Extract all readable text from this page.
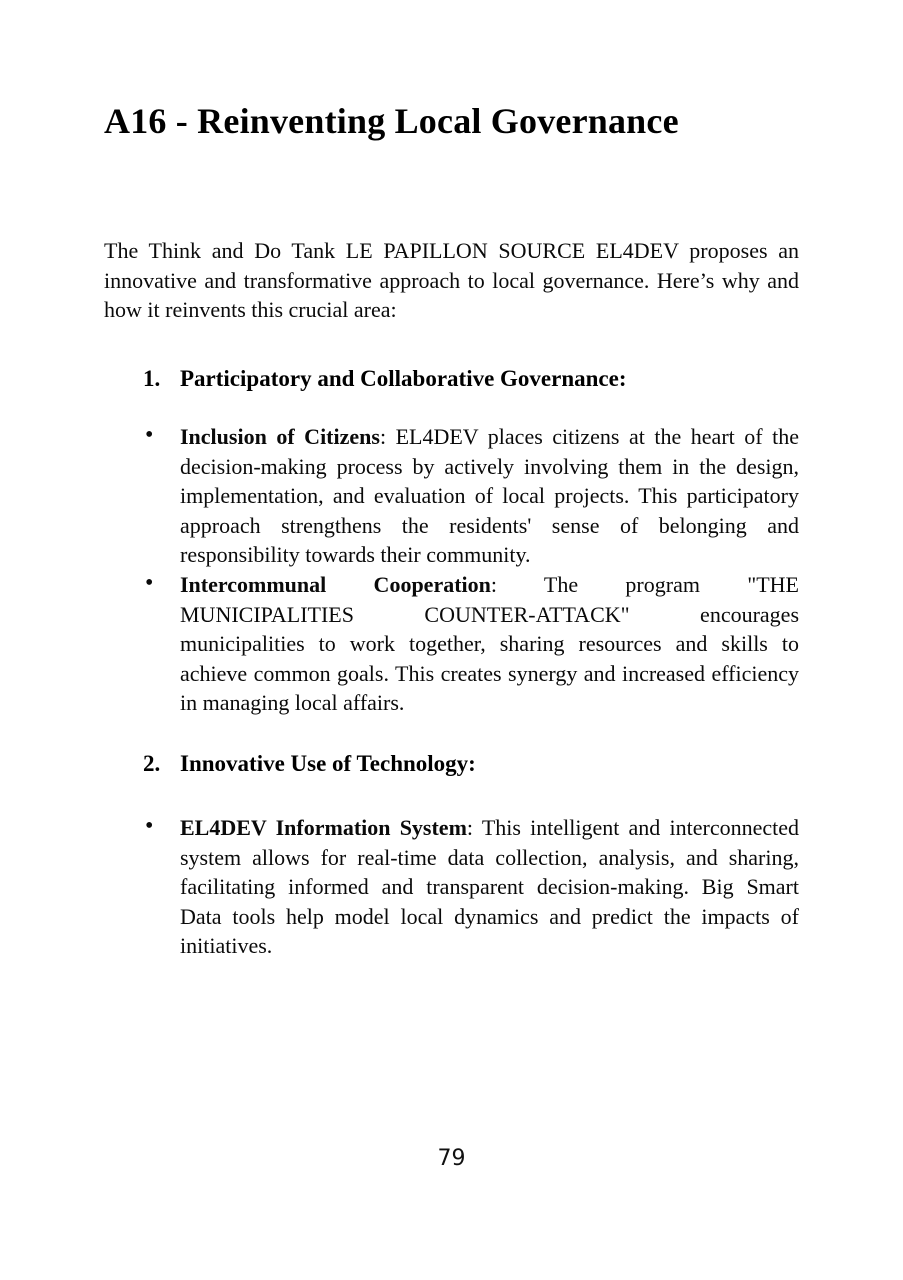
A16 - Reinventing Local Governance

The Think and Do Tank LE PAPILLON SOURCE EL4DEV proposes an innovative and transformative approach to local governance. Here’s why and how it reinvents this crucial area:

1. Participatory and Collaborative Governance:
• Inclusion of Citizens: EL4DEV places citizens at the heart of the decision-making process by actively involving them in the design, implementation, and evaluation of local projects. This participatory approach strengthens the residents' sense of belonging and responsibility towards their community.
• Intercommunal Cooperation: The program "THE MUNICIPALITIES COUNTER-ATTACK" encourages municipalities to work together, sharing resources and skills to achieve common goals. This creates synergy and increased efficiency in managing local affairs.
2. Innovative Use of Technology:
• EL4DEV Information System: This intelligent and interconnected system allows for real-time data collection, analysis, and sharing, facilitating informed and transparent decision-making. Big Smart Data tools help model local dynamics and predict the impacts of initiatives.
79
